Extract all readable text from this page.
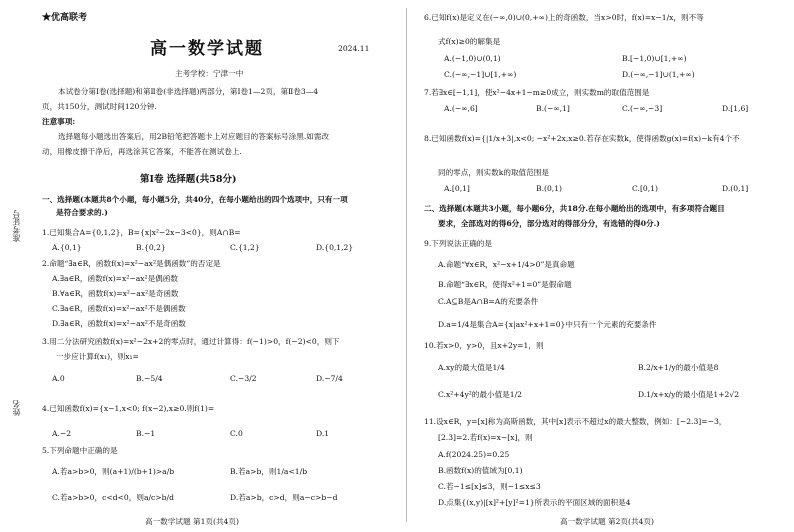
★优高联考
高一数学试题	2024.11
主考学校：宁津一中
准考证号
姓名
本试卷分第Ⅰ卷(选择题)和第Ⅱ卷(非选择题)两部分，第Ⅰ卷1—2页，第Ⅱ卷3—4
页，共150分，测试时间120分钟.
注意事项:
选择题每小题选出答案后，用2B铅笔把答题卡上对应题目的答案标号涂黑.如需改
动，用橡皮擦干净后，再选涂其它答案，不能答在测试卷上.
第Ⅰ卷 选择题(共58分)
一、选择题(本题共8个小题，每小题5分，共40分，在每小题给出的四个选项中，只有一项
是符合要求的.)
1.已知集合A={0,1,2}，B={x|x²−2x−3<0}，则A∩B=
A.{0,1}	B.{0,2}	C.{1,2}	D.{0,1,2}
2.命题“∃a∈R，函数f(x)=x²−ax²是偶函数”的否定是
A.∃a∈R，函数f(x)=x²−ax²是偶函数
B.∀a∈R，函数f(x)=x²−ax²是奇函数
C.∃a∈R，函数f(x)=x²−ax²不是偶函数
D.∃a∈R，函数f(x)=x²−ax²不是奇函数
3.用二分法研究函数f(x)=x²−2x+2的零点时，通过计算得：f(−1)>0，f(−2)<0，则下
一步应计算f(x₁)，则x₁=
A.0	B.−5/4	C.−3/2	D.−7/4
4.已知函数f(x)={x−1,x<0; f(x−2),x≥0.则f(1)=
A.−2	B.−1	C.0	D.1
5.下列命题中正确的是
A.若a>b>0，则(a+1)/(b+1)>a/b	B.若a>b，则1/a<1/b
C.若a>b>0，c<d<0，则a/c>b/d	D.若a>b，c>d，则a−c>b−d
高一数学试题 第1页(共4页)
6.已知f(x)是定义在(−∞,0)∪(0,+∞)上的奇函数，当x>0时，f(x)=x−1/x，则不等
式f(x)≥0的解集是
A.(−1,0)∪(0,1)	B.[−1,0)∪[1,+∞)
C.(−∞,−1]∪[1,+∞)	D.(−∞,−1]∪(1,+∞)
7.若∃x∈[−1,1]，使x²−4x+1−m≥0成立，则实数m的取值范围是
A.(−∞,6]	B.(−∞,1]	C.(−∞,−3]	D.[1,6]
8.已知函数f(x)={|1/x+3|,x<0; −x²+2x,x≥0.若存在实数k，使得函数g(x)=f(x)−k有4个不
同的零点，则实数k的取值范围是
A.[0,1]	B.(0,1)	C.[0,1)	D.(0,1]
二、选择题(本题共3小题，每小题6分，共18分.在每小题给出的选项中，有多项符合题目
要求，全部选对的得6分，部分选对的得部分分，有选错的得0分.)
9.下列说法正确的是
A.命题“∀x∈R，x²−x+1/4>0”是真命题
B.命题“∃x∈R，使得x²+1=0”是假命题
C.A⊆B是A∩B=A的充要条件
D.a=1/4是集合A={x|ax²+x+1=0}中只有一个元素的充要条件
10.若x>0，y>0，且x+2y=1，则
A.xy的最大值是1/4	B.2/x+1/y的最小值是8
C.x²+4y²的最小值是1/2	D.1/x+x/y的最小值是1+2√2
11.设x∈R，y=[x]称为高斯函数，其中[x]表示不超过x的最大整数，例如：[−2.3]=−3，
[2.3]=2.若f(x)=x−[x]，则
A.f(2024.25)=0.25
B.函数f(x)的值域为[0,1)
C.若−1≤[x]≤3，则−1≤x≤3
D.点集{(x,y)|[x]²+[y]²=1}所表示的平面区域的面积是4
高一数学试题 第2页(共4页)
